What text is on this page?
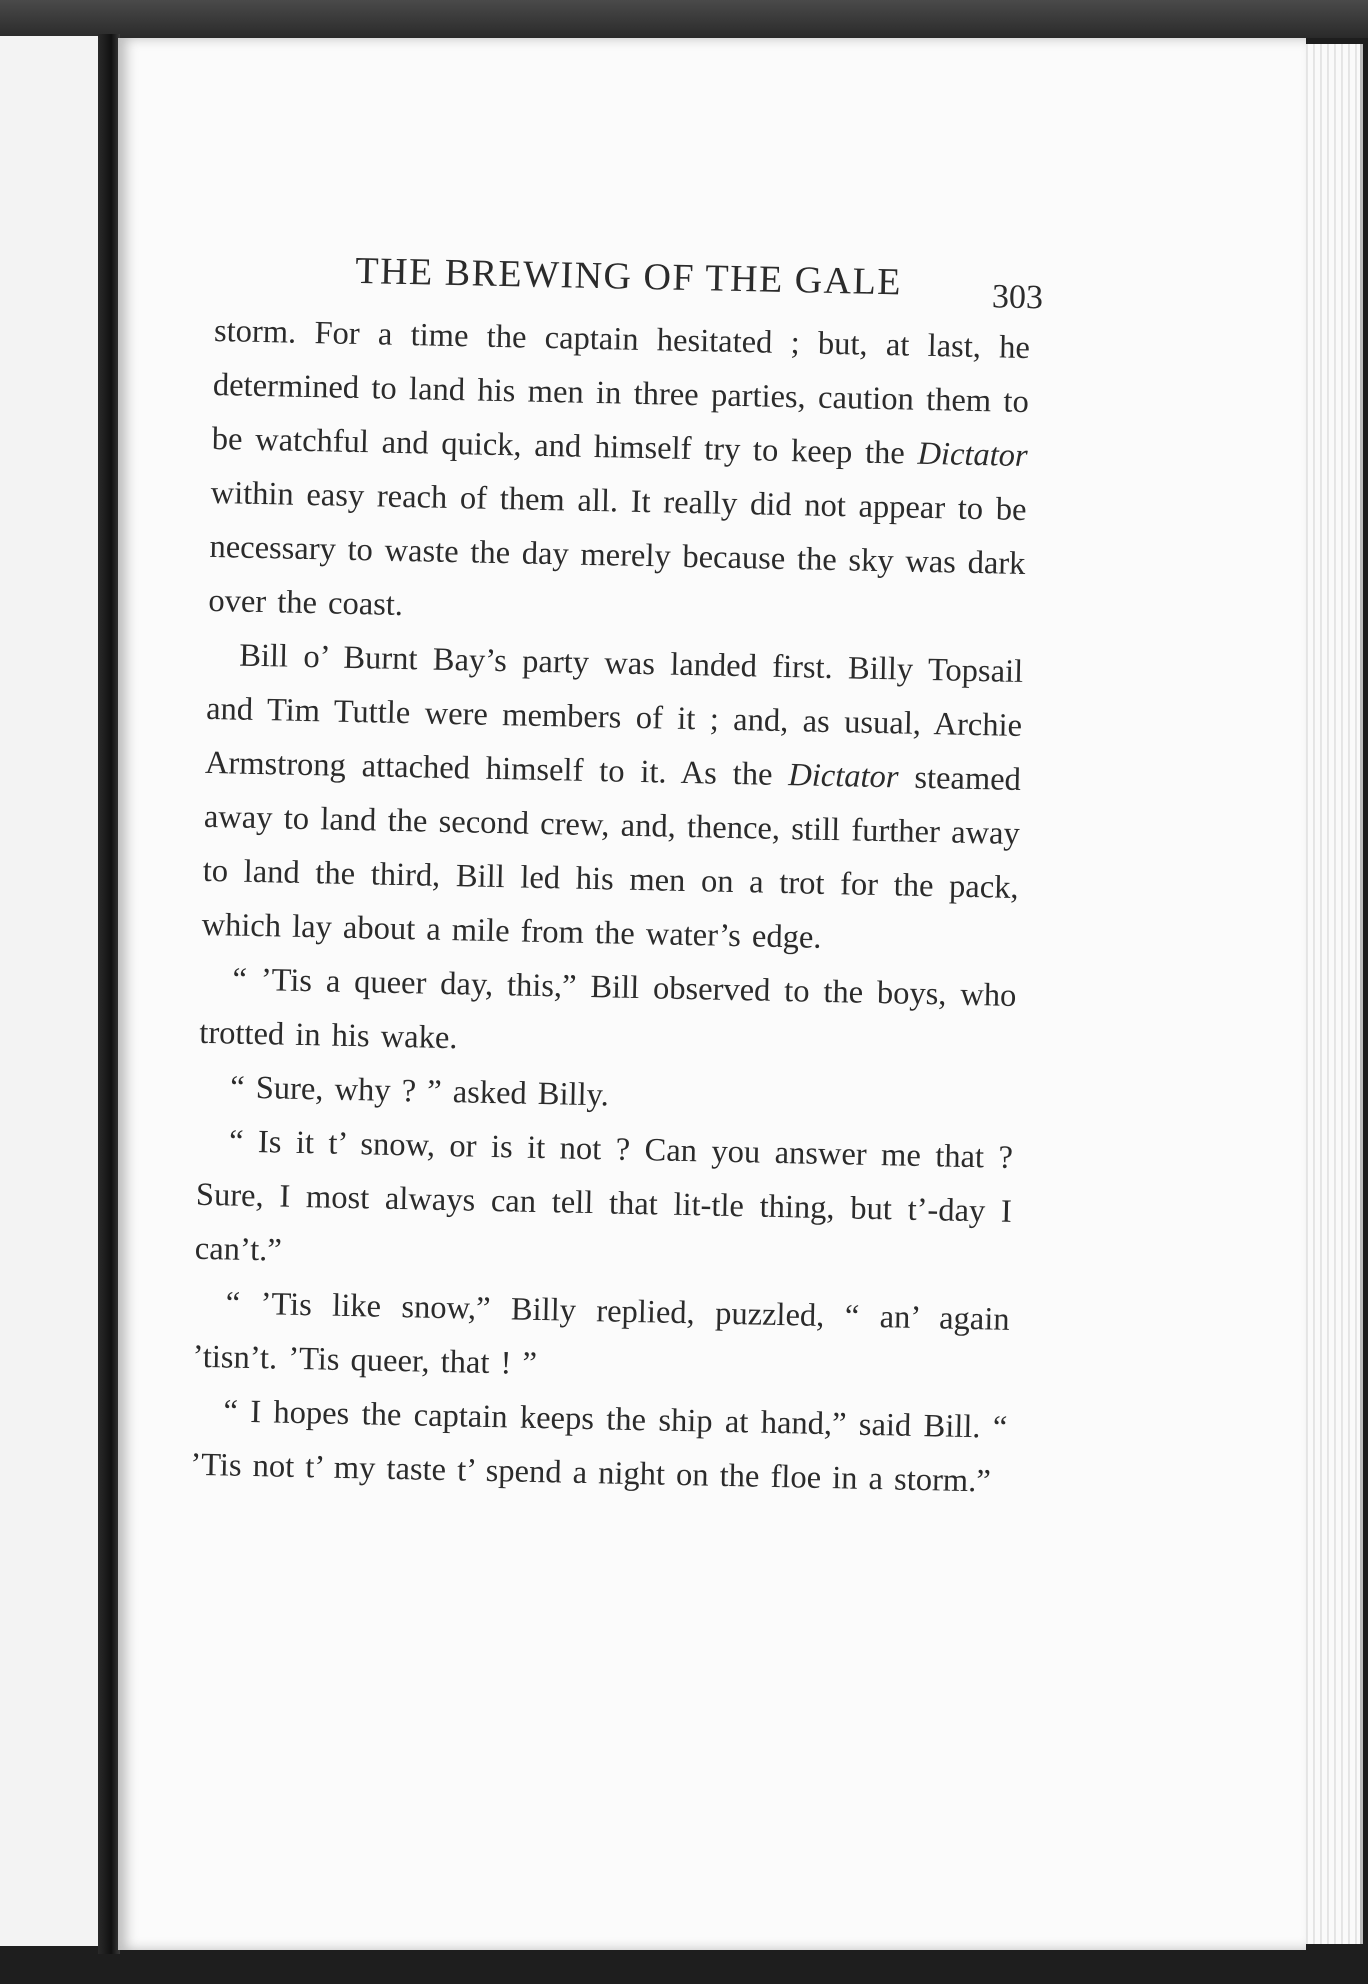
THE BREWING OF THE GALE	303

storm. For a time the captain hesitated ; but, at last, he determined to land his men in three parties, caution them to be watchful and quick, and himself try to keep the Dictator within easy reach of them all. It really did not appear to be necessary to waste the day merely because the sky was dark over the coast.

Bill o’ Burnt Bay’s party was landed first. Billy Topsail and Tim Tuttle were members of it ; and, as usual, Archie Armstrong attached himself to it. As the Dictator steamed away to land the second crew, and, thence, still further away to land the third, Bill led his men on a trot for the pack, which lay about a mile from the water’s edge.

“ ’Tis a queer day, this,” Bill observed to the boys, who trotted in his wake.

“ Sure, why ? ” asked Billy.

“ Is it t’ snow, or is it not ? Can you answer me that ? Sure, I most always can tell that lit-tle thing, but t’-day I can’t.”

“ ’Tis like snow,” Billy replied, puzzled, “ an’ again ’tisn’t. ’Tis queer, that ! ”

“ I hopes the captain keeps the ship at hand,” said Bill. “ ’Tis not t’ my taste t’ spend a night on the floe in a storm.”
